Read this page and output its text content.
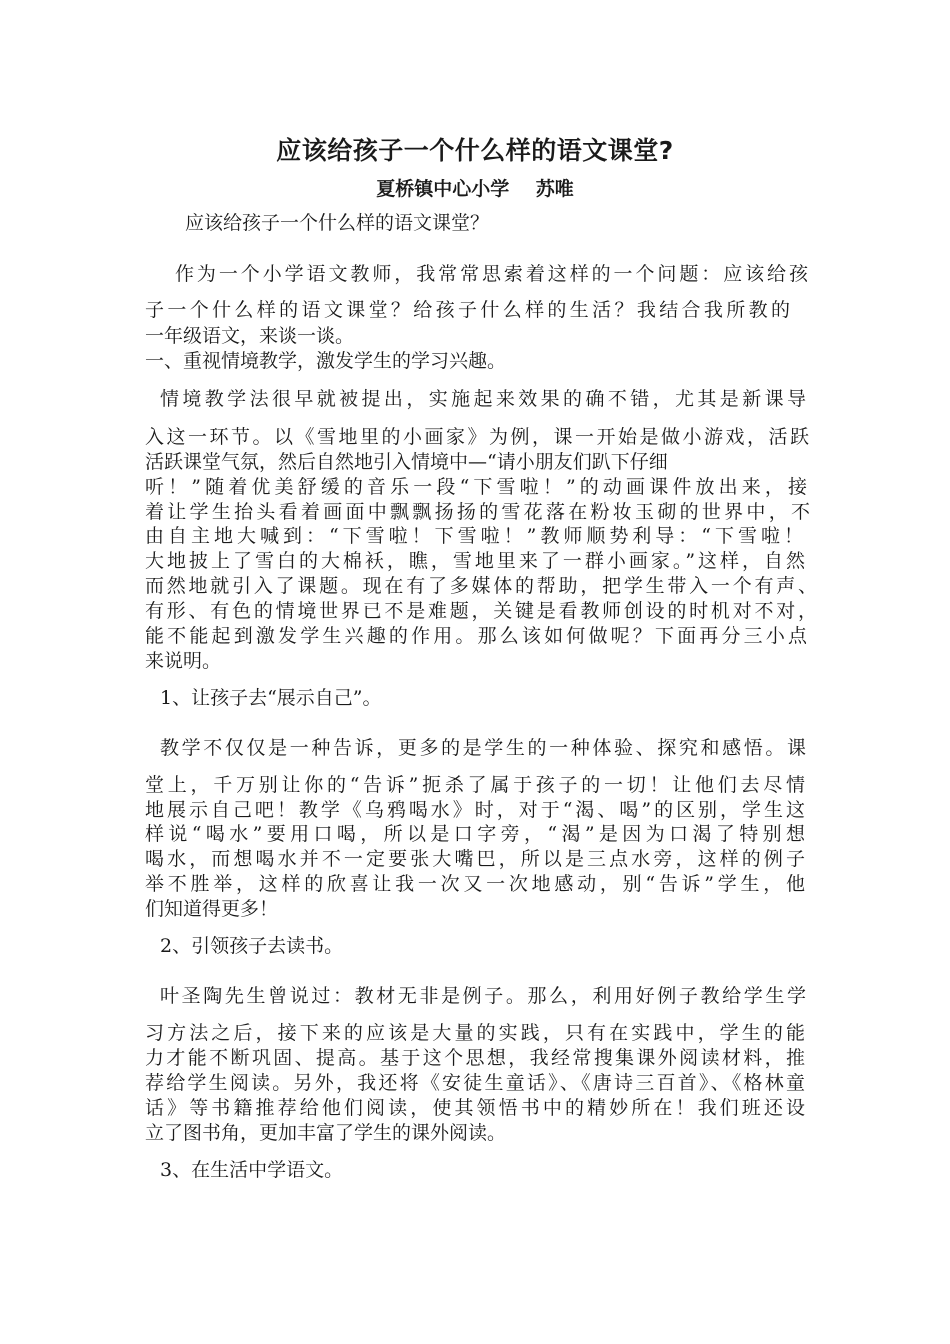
应该给孩子一个什么样的语文课堂?
夏桥镇中心小学    苏唯
应该给孩子一个什么样的语文课堂？
作为一个小学语文教师，我常常思索着这样的一个问题：应该给孩
子一个什么样的语文课堂？给孩子什么样的生活？我结合我所教的
一年级语文，来谈一谈。
一、重视情境教学，激发学生的学习兴趣。
情境教学法很早就被提出，实施起来效果的确不错，尤其是新课导
入这一环节。以《雪地里的小画家》为例，课一开始是做小游戏，活跃
活跃课堂气氛，然后自然地引入情境中—“请小朋友们趴下仔细
听！”随着优美舒缓的音乐一段“下雪啦！”的动画课件放出来，接
着让学生抬头看着画面中飘飘扬扬的雪花落在粉妆玉砌的世界中，不
由自主地大喊到：“下雪啦！下雪啦！”教师顺势利导：“下雪啦！
大地披上了雪白的大棉袄，瞧，雪地里来了一群小画家。”这样，自然
而然地就引入了课题。现在有了多媒体的帮助，把学生带入一个有声、
有形、有色的情境世界已不是难题，关键是看教师创设的时机对不对，
能不能起到激发学生兴趣的作用。那么该如何做呢？下面再分三小点
来说明。
1、让孩子去“展示自己”。
教学不仅仅是一种告诉，更多的是学生的一种体验、探究和感悟。课
堂上，千万别让你的“告诉”扼杀了属于孩子的一切！让他们去尽情
地展示自己吧！教学《乌鸦喝水》时，对于“渴、喝”的区别，学生这
样说“喝水”要用口喝，所以是口字旁，“渴”是因为口渴了特别想
喝水，而想喝水并不一定要张大嘴巴，所以是三点水旁，这样的例子
举不胜举，这样的欣喜让我一次又一次地感动，别“告诉”学生，他
们知道得更多！
2、引领孩子去读书。
叶圣陶先生曾说过：教材无非是例子。那么，利用好例子教给学生学
习方法之后，接下来的应该是大量的实践，只有在实践中，学生的能
力才能不断巩固、提高。基于这个思想，我经常搜集课外阅读材料，推
荐给学生阅读。另外，我还将《安徒生童话》、《唐诗三百首》、《格林童
话》等书籍推荐给他们阅读，使其领悟书中的精妙所在！我们班还设
立了图书角，更加丰富了学生的课外阅读。
3、在生活中学语文。
